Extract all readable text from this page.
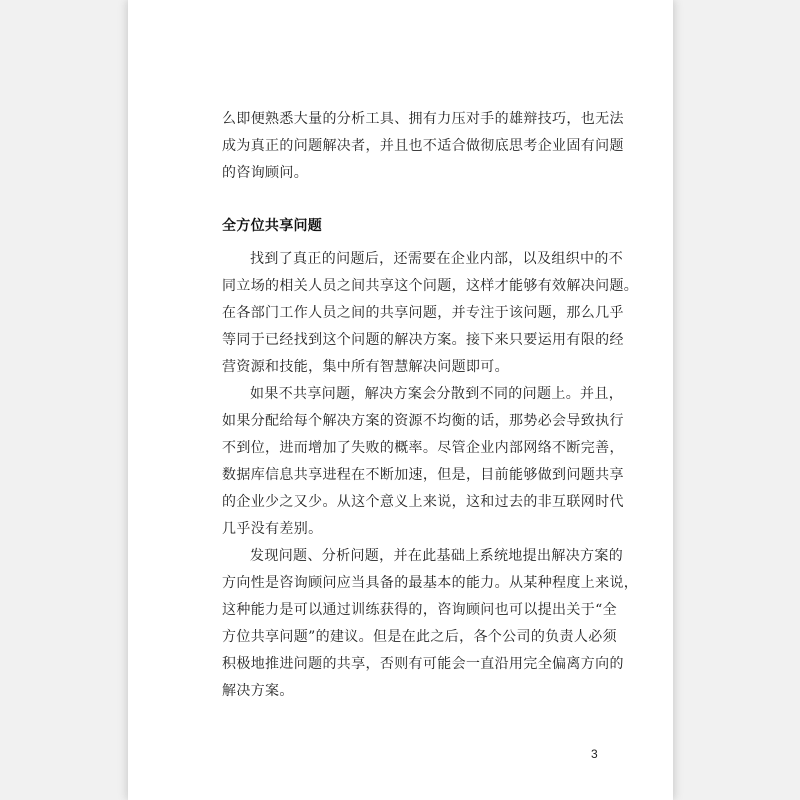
么即便熟悉大量的分析工具、拥有力压对手的雄辩技巧，也无法
成为真正的问题解决者，并且也不适合做彻底思考企业固有问题
的咨询顾问。
全方位共享问题
找到了真正的问题后，还需要在企业内部，以及组织中的不
同立场的相关人员之间共享这个问题，这样才能够有效解决问题。
在各部门工作人员之间的共享问题，并专注于该问题，那么几乎
等同于已经找到这个问题的解决方案。接下来只要运用有限的经
营资源和技能，集中所有智慧解决问题即可。
如果不共享问题，解决方案会分散到不同的问题上。并且，
如果分配给每个解决方案的资源不均衡的话，那势必会导致执行
不到位，进而增加了失败的概率。尽管企业内部网络不断完善，
数据库信息共享进程在不断加速，但是，目前能够做到问题共享
的企业少之又少。从这个意义上来说，这和过去的非互联网时代
几乎没有差别。
发现问题、分析问题，并在此基础上系统地提出解决方案的
方向性是咨询顾问应当具备的最基本的能力。从某种程度上来说，
这种能力是可以通过训练获得的，咨询顾问也可以提出关于“全
方位共享问题”的建议。但是在此之后，各个公司的负责人必须
积极地推进问题的共享，否则有可能会一直沿用完全偏离方向的
解决方案。
3
